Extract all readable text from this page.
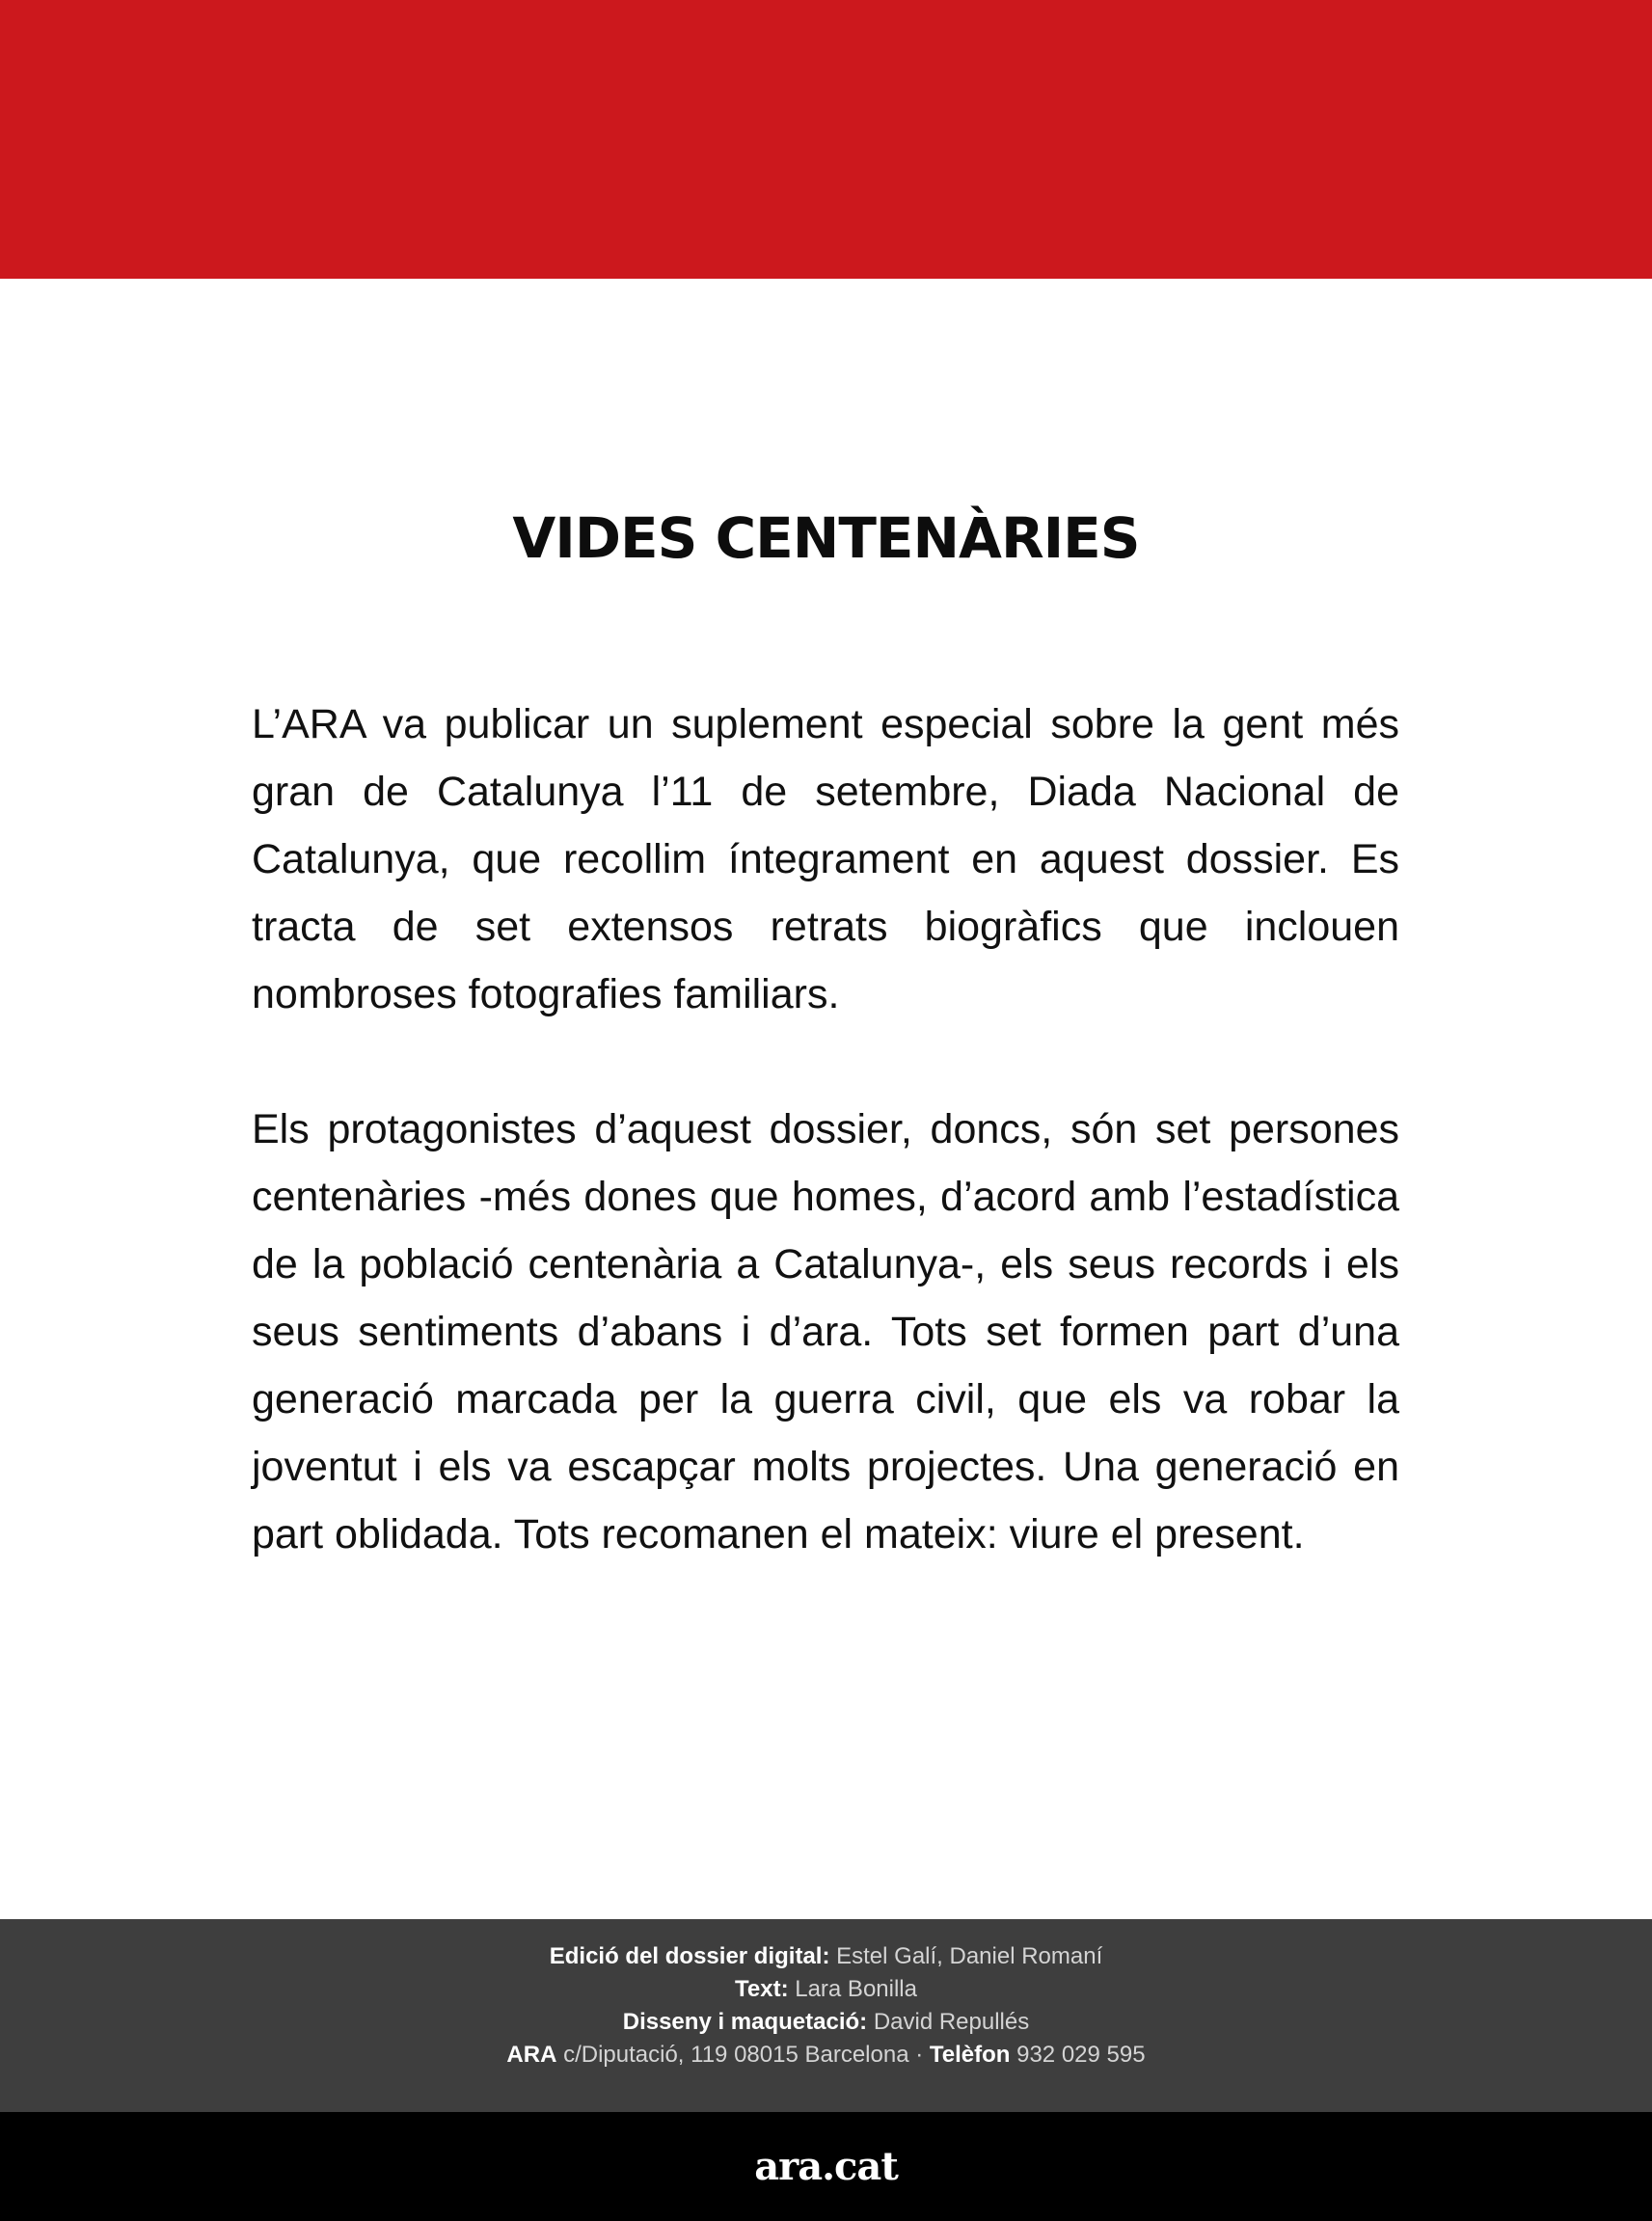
VIDES CENTENÀRIES

L’ARA va publicar un suplement especial sobre la gent més gran de Catalunya l’11 de setembre, Diada Nacional de Catalunya, que recollim íntegrament en aquest dossier. Es tracta de set extensos retrats biogràfics que inclouen nombroses fotografies familiars.

Els protagonistes d’aquest dossier, doncs, són set persones centenàries -més dones que homes, d’acord amb l’estadística de la població centenària a Catalunya-, els seus records i els seus sentiments d’abans i d’ara. Tots set formen part d’una generació marcada per la guerra civil, que els va robar la joventut i els va escapçar molts projectes. Una generació en part oblidada. Tots recomanen el mateix: viure el present.

Edició del dossier digital: Estel Galí, Daniel Romaní
Text: Lara Bonilla
Disseny i maquetació: David Repullés
ARA c/Diputació, 119 08015 Barcelona · Telèfon 932 029 595
ara.cat
